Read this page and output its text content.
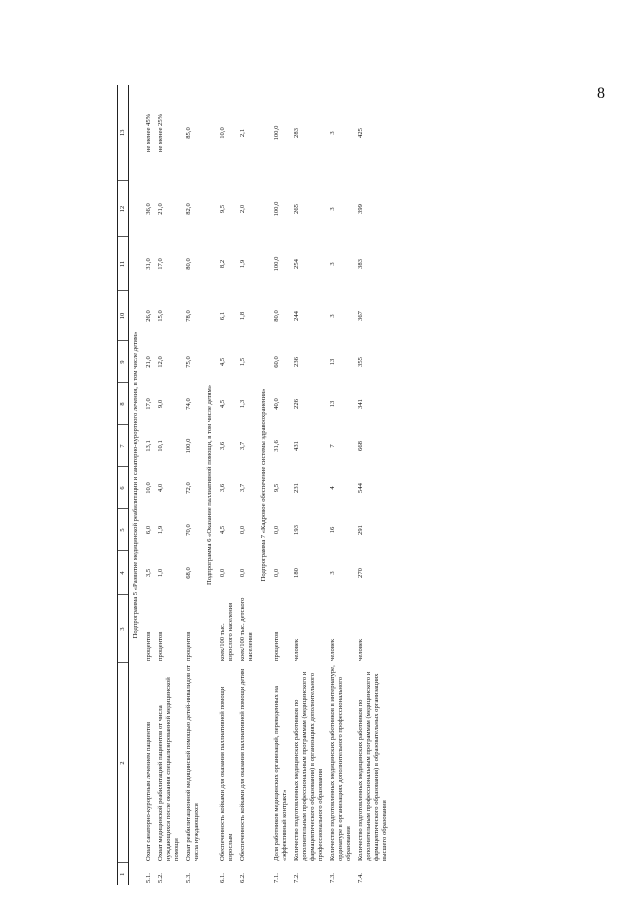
8
1	2	3	4	5	6	7	8	9	10	11	12	13
Подпрограмма 5 «Развитие медицинской реабилитации и санаторно-курортного лечения, в том числе детям»												
5.1.	Охват санаторно-курортным лечением пациентов	процентов	3,5	6,0	10,0	13,1	17,0	21,0	26,0	31,0	36,0	не менее 45%
5.2.	Охват медицинской реабилитацией пациентов от числа нуждающихся после оказания специализированной медицинской помощи	процентов	1,0	1,9	4,0	10,1	9,0	12,0	15,0	17,0	21,0	не менее 25%
5.3.	Охват реабилитационной медицинской помощью детей-инвалидов от числа нуждающихся	процентов	68,0	70,0	72,0	100,0	74,0	75,0	78,0	80,0	82,0	85,0
Подпрограмма 6 «Оказание паллиативной помощи, в том числе детям»												
6.1.	Обеспеченность койками для оказания паллиативной помощи взрослым	коек/100 тыс. взрослого населения	0,0	4,5	3,6	3,6	4,5	4,5	6,1	8,2	9,5	10,0
6.2.	Обеспеченность койками для оказания паллиативной помощи детям	коек/100 тыс. детского населения	0,0	0,0	3,7	3,7	1,3	1,5	1,8	1,9	2,0	2,1
Подпрограмма 7 «Кадровое обеспечение системы здравоохранения»												
7.1.	Доля работников медицинских организаций, переведенных на «эффективный контракт»	процентов	0,0	0,0	9,5	31,6	40,0	60,0	80,0	100,0	100,0	100,0
7.2.	Количество подготовленных медицинских работников по дополнительным профессиональным программам (медицинского и фармацевтического образования) в организациях дополнительного профессионального образования	человек	180	193	231	431	226	236	244	254	265	283
7.3.	Количество подготовленных медицинских работников в интернатуре, ординатуре в организациях дополнительного профессионального образования	человек	3	16	4	7	13	13	3	3	3	3
7.4.	Количество подготовленных медицинских работников по дополнительным профессиональным программам (медицинского и фармацевтического образования) в образовательных организациях высшего образования	человек	270	291	544	668	341	355	367	383	399	425
